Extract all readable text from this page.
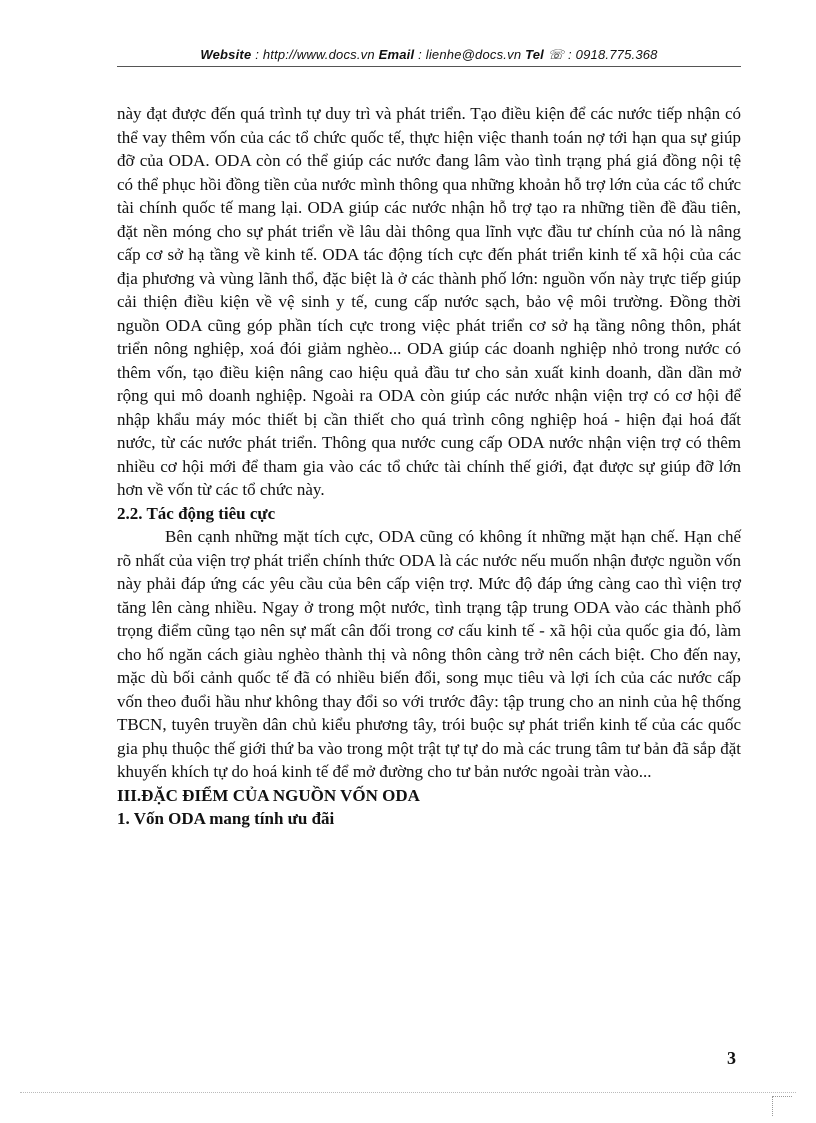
Website : http://www.docs.vn Email : lienhe@docs.vn Tel ☏ : 0918.775.368

này đạt được đến quá trình tự duy trì và phát triển. Tạo điều kiện để các nước tiếp nhận có thể vay thêm vốn của các tổ chức quốc tế, thực hiện việc thanh toán nợ tới hạn qua sự giúp đỡ của ODA. ODA còn có thể giúp các nước đang lâm vào tình trạng phá giá đồng nội tệ có thể phục hồi đồng tiền của nước mình thông qua những khoản hỗ trợ lớn của các tổ chức tài chính quốc tế mang lại. ODA giúp các nước nhận hỗ trợ tạo ra những tiền đề đầu tiên, đặt nền móng cho sự phát triển về lâu dài thông qua lĩnh vực đầu tư chính của nó là nâng cấp cơ sở hạ tầng về kinh tế. ODA tác động tích cực đến phát triển kinh tế xã hội của các địa phương và vùng lãnh thổ, đặc biệt là ở các thành phố lớn: nguồn vốn này trực tiếp giúp cải thiện điều kiện về vệ sinh y tế, cung cấp nước sạch, bảo vệ môi trường. Đồng thời nguồn ODA cũng góp phần tích cực trong việc phát triển cơ sở hạ tầng nông thôn, phát triển nông nghiệp, xoá đói giảm nghèo... ODA giúp các doanh nghiệp nhỏ trong nước có thêm vốn, tạo điều kiện nâng cao hiệu quả đầu tư cho sản xuất kinh doanh, dần dần mở rộng qui mô doanh nghiệp. Ngoài ra ODA còn giúp các nước nhận viện trợ có cơ hội để nhập khẩu máy móc thiết bị cần thiết cho quá trình công nghiệp hoá - hiện đại hoá đất nước, từ các nước phát triển. Thông qua nước cung cấp ODA nước nhận viện trợ có thêm nhiều cơ hội mới để tham gia vào các tổ chức tài chính thế giới, đạt được sự giúp đỡ lớn hơn về vốn từ các tổ chức này.

2.2. Tác động tiêu cực

Bên cạnh những mặt tích cực, ODA cũng có không ít những mặt hạn chế. Hạn chế rõ nhất của viện trợ phát triển chính thức ODA là các nước nếu muốn nhận được nguồn vốn này phải đáp ứng các yêu cầu của bên cấp viện trợ. Mức độ đáp ứng càng cao thì viện trợ tăng lên càng nhiều. Ngay ở trong một nước, tình trạng tập trung ODA vào các thành phố trọng điểm cũng tạo nên sự mất cân đối trong cơ cấu kinh tế - xã hội của quốc gia đó, làm cho hố ngăn cách giàu nghèo thành thị và nông thôn càng trở nên cách biệt. Cho đến nay, mặc dù bối cảnh quốc tế đã có nhiều biến đổi, song mục tiêu và lợi ích của các nước cấp vốn theo đuổi hầu như không thay đổi so với trước đây: tập trung cho an ninh của hệ thống TBCN, tuyên truyền dân chủ kiểu phương tây, trói buộc sự phát triển kinh tế của các quốc gia phụ thuộc thế giới thứ ba vào trong một trật tự tự do mà các trung tâm tư bản đã sắp đặt khuyến khích tự do hoá kinh tế để mở đường cho tư bản nước ngoài tràn vào...

III.ĐẶC ĐIỂM CỦA NGUỒN VỐN ODA

1. Vốn ODA mang tính ưu đãi

3
